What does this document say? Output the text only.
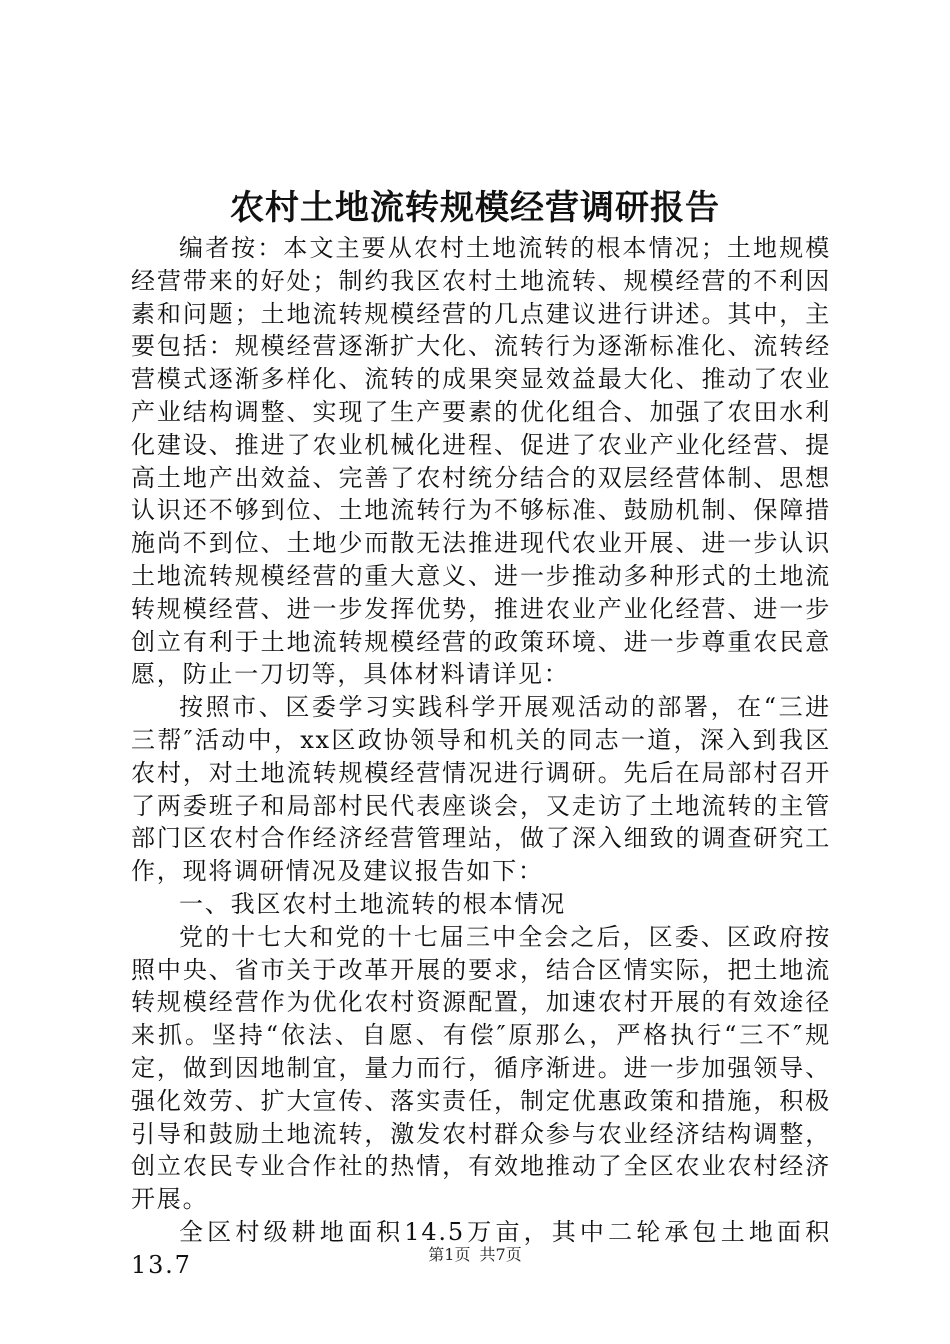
农村土地流转规模经营调研报告

编者按：本文主要从农村土地流转的根本情况；土地规模经营带来的好处；制约我区农村土地流转、规模经营的不利因素和问题；土地流转规模经营的几点建议进行讲述。其中，主要包括：规模经营逐渐扩大化、流转行为逐渐标准化、流转经营模式逐渐多样化、流转的成果突显效益最大化、推动了农业产业结构调整、实现了生产要素的优化组合、加强了农田水利化建设、推进了农业机械化进程、促进了农业产业化经营、提高土地产出效益、完善了农村统分结合的双层经营体制、思想认识还不够到位、土地流转行为不够标准、鼓励机制、保障措施尚不到位、土地少而散无法推进现代农业开展、进一步认识土地流转规模经营的重大意义、进一步推动多种形式的土地流转规模经营、进一步发挥优势，推进农业产业化经营、进一步创立有利于土地流转规模经营的政策环境、进一步尊重农民意愿，防止一刀切等，具体材料请详见：

按照市、区委学习实践科学开展观活动的部署，在“三进三帮″活动中，xx区政协领导和机关的同志一道，深入到我区农村，对土地流转规模经营情况进行调研。先后在局部村召开了两委班子和局部村民代表座谈会，又走访了土地流转的主管部门区农村合作经济经营管理站，做了深入细致的调查研究工作，现将调研情况及建议报告如下：

一、我区农村土地流转的根本情况

党的十七大和党的十七届三中全会之后，区委、区政府按照中央、省市关于改革开展的要求，结合区情实际，把土地流转规模经营作为优化农村资源配置，加速农村开展的有效途径来抓。坚持“依法、自愿、有偿″原那么，严格执行“三不″规定，做到因地制宜，量力而行，循序渐进。进一步加强领导、强化效劳、扩大宣传、落实责任，制定优惠政策和措施，积极引导和鼓励土地流转，激发农村群众参与农业经济结构调整，创立农民专业合作社的热情，有效地推动了全区农业农村经济开展。

全区村级耕地面积14.5万亩，其中二轮承包土地面积13.7	第1页 共7页
